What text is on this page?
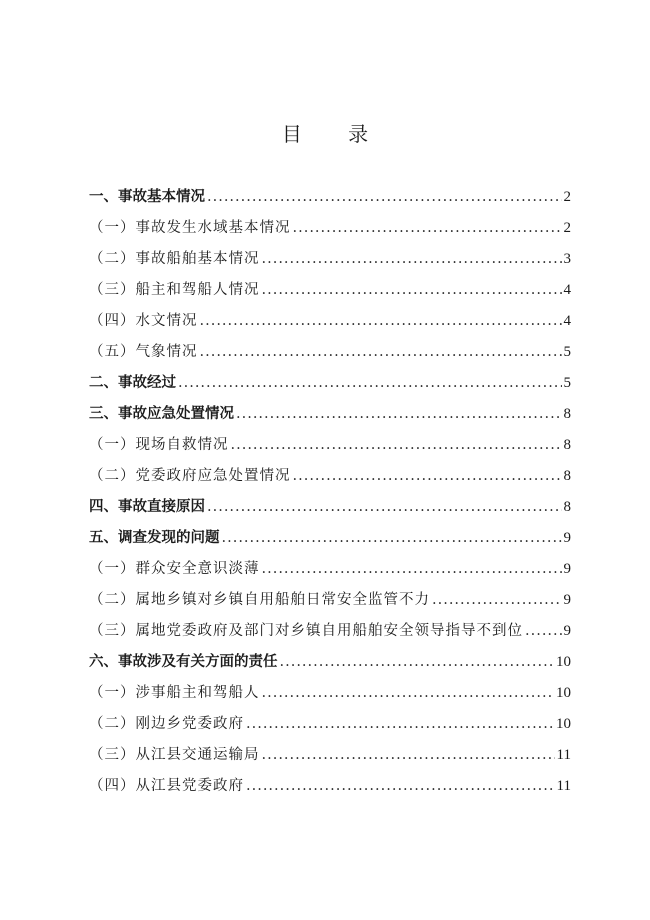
目 录
一、事故基本情况 .....	2
（一）事故发生水域基本情况 .....	2
（二）事故船舶基本情况 .....	3
（三）船主和驾船人情况 .....	4
（四）水文情况 .....	4
（五）气象情况 .....	5
二、事故经过 .....	5
三、事故应急处置情况 .....	8
（一）现场自救情况 .....	8
（二）党委政府应急处置情况 .....	8
四、事故直接原因 .....	8
五、调查发现的问题 .....	9
（一）群众安全意识淡薄 .....	9
（二）属地乡镇对乡镇自用船舶日常安全监管不力 .....	9
（三）属地党委政府及部门对乡镇自用船舶安全领导指导不到位 .....	9
六、事故涉及有关方面的责任 .....	10
（一）涉事船主和驾船人 .....	10
（二）刚边乡党委政府 .....	10
（三）从江县交通运输局 .....	11
（四）从江县党委政府 .....	11
